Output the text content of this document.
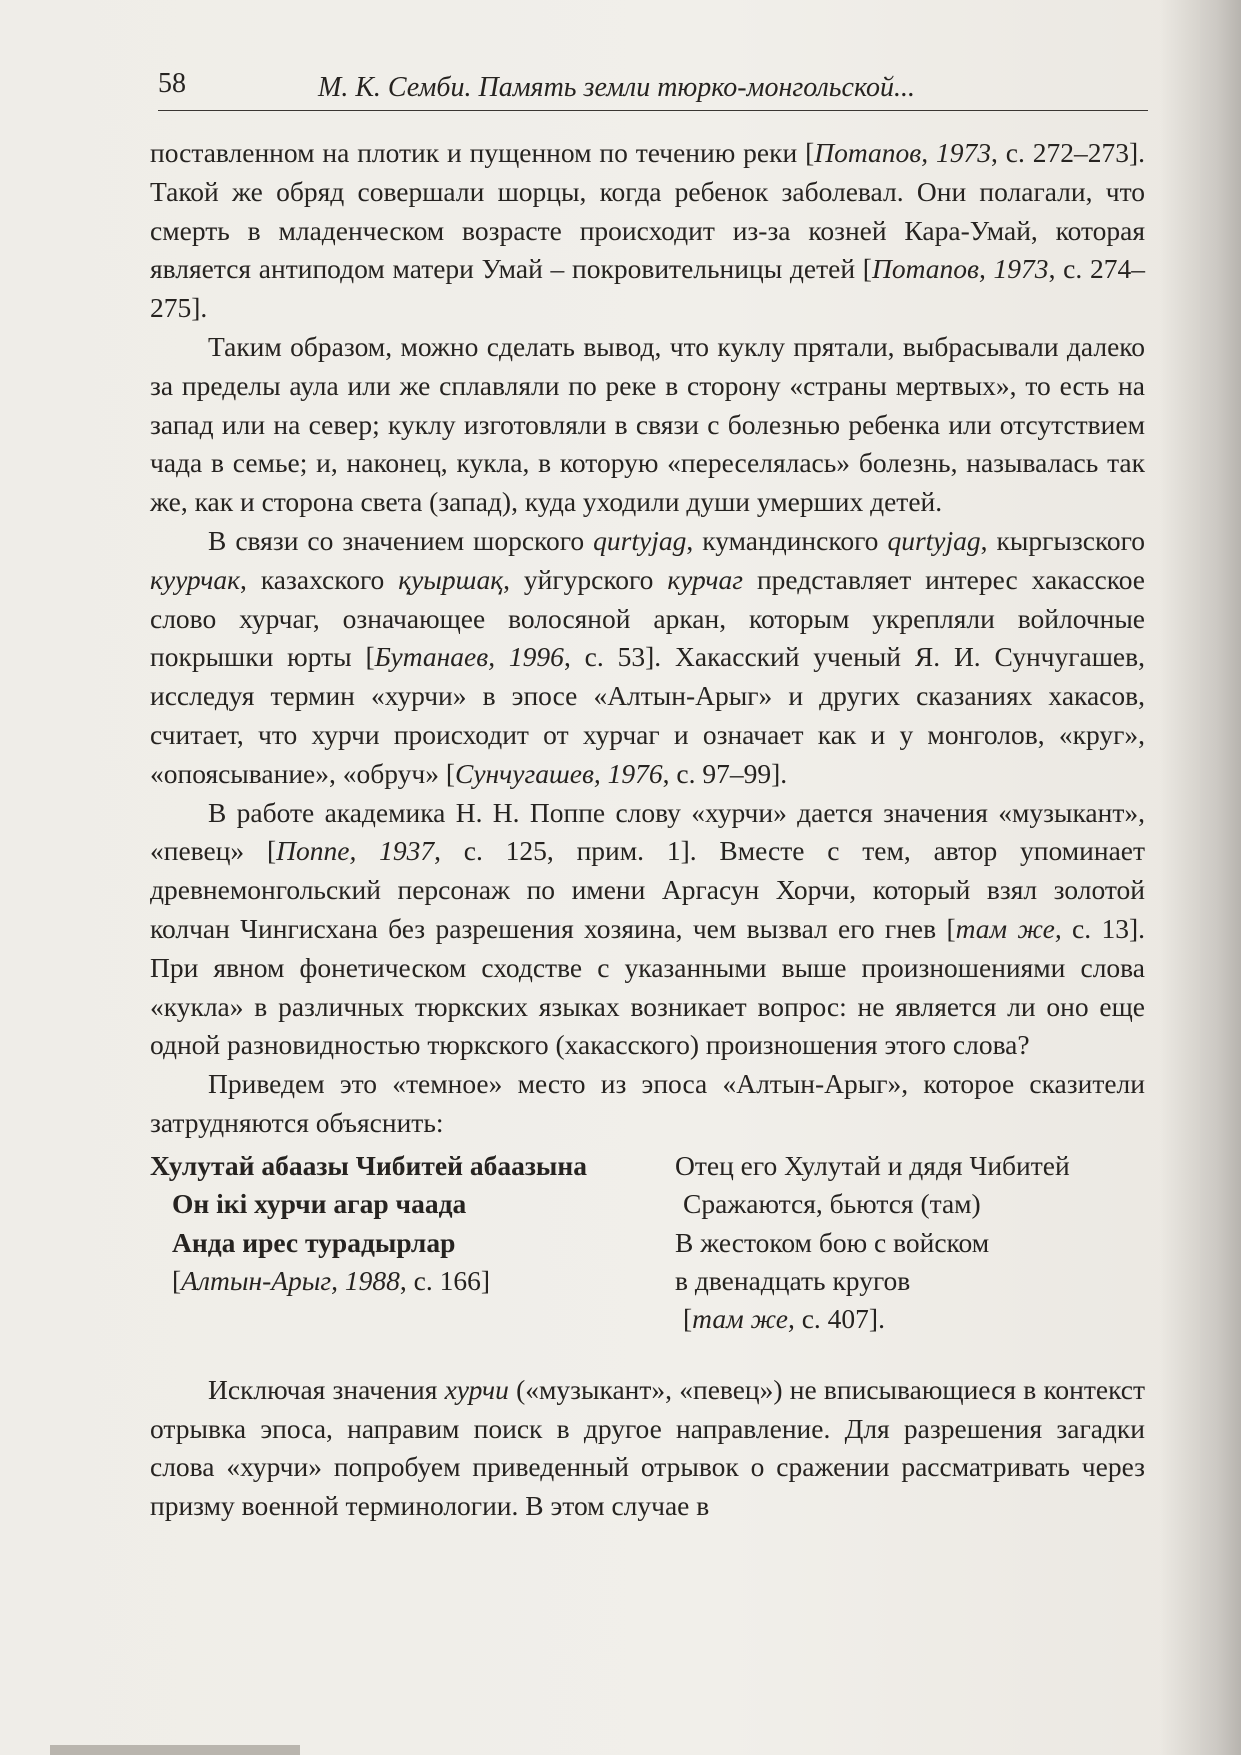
58	М. К. Семби. Память земли тюрко-монгольской...

поставленном на плотик и пущенном по течению реки [Потапов, 1973, с. 272–273]. Такой же обряд совершали шорцы, когда ребенок заболевал. Они полагали, что смерть в младенческом возрасте происходит из-за козней Кара-Умай, которая является антиподом матери Умай – покровительницы детей [Потапов, 1973, с. 274–275].

Таким образом, можно сделать вывод, что куклу прятали, выбрасывали далеко за пределы аула или же сплавляли по реке в сторону «страны мертвых», то есть на запад или на север; куклу изготовляли в связи с болезнью ребенка или отсутствием чада в семье; и, наконец, кукла, в которую «переселялась» болезнь, называлась так же, как и сторона света (запад), куда уходили души умерших детей.

В связи со значением шорского qurtyjag, кумандинского qurtyjag, кыргызского куурчак, казахского қуыршақ, уйгурского курчаг представляет интерес хакасское слово хурчаг, означающее волосяной аркан, которым укрепляли войлочные покрышки юрты [Бутанаев, 1996, с. 53]. Хакасский ученый Я. И. Сунчугашев, исследуя термин «хурчи» в эпосе «Алтын-Арыг» и других сказаниях хакасов, считает, что хурчи происходит от хурчаг и означает как и у монголов, «круг», «опоясывание», «обруч» [Сунчугашев, 1976, с. 97–99].

В работе академика Н. Н. Поппе слову «хурчи» дается значения «музыкант», «певец» [Поппе, 1937, с. 125, прим. 1]. Вместе с тем, автор упоминает древнемонгольский персонаж по имени Аргасун Хорчи, который взял золотой колчан Чингисхана без разрешения хозяина, чем вызвал его гнев [там же, с. 13]. При явном фонетическом сходстве с указанными выше произношениями слова «кукла» в различных тюркских языках возникает вопрос: не является ли оно еще одной разновидностью тюркского (хакасского) произношения этого слова?

Приведем это «темное» место из эпоса «Алтын-Арыг», которое сказители затрудняются объяснить:

Хулутай абаазы Чибитей абаазына
Он ікі хурчи агар чаада
Анда ирес турадырлар
[Алтын-Арыг, 1988, с. 166]
Отец его Хулутай и дядя Чибитей
Сражаются, бьются (там)
В жестоком бою с войском
в двенадцать кругов
[там же, с. 407].

Исключая значения хурчи («музыкант», «певец») не вписывающиеся в контекст отрывка эпоса, направим поиск в другое направление. Для разрешения загадки слова «хурчи» попробуем приведенный отрывок о сражении рассматривать через призму военной терминологии. В этом случае в
